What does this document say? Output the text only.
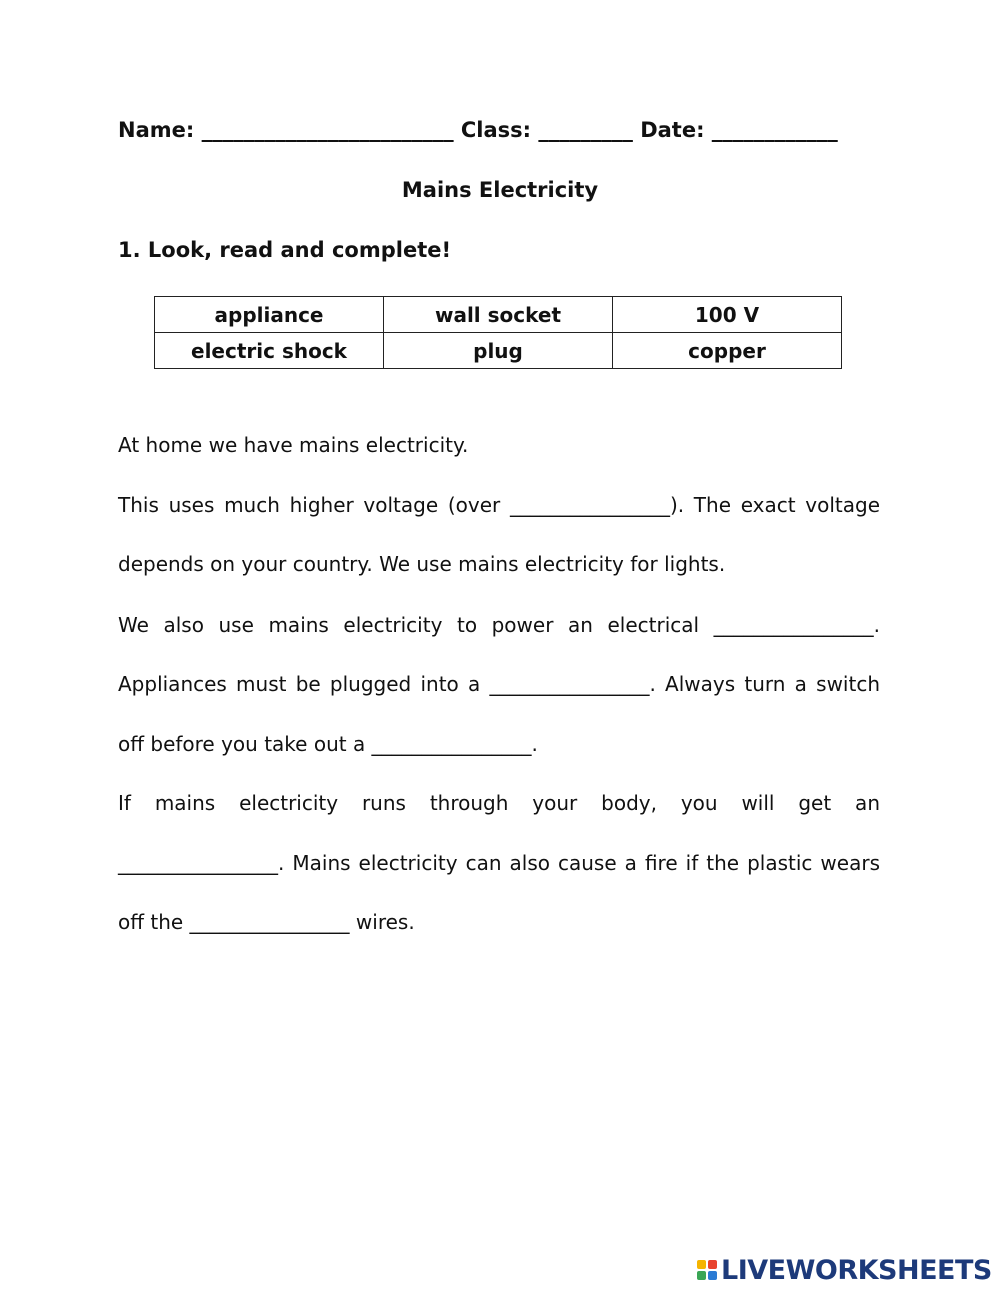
Name: ________________________ Class: _________ Date: ____________
Mains Electricity
1. Look, read and complete!
appliance	wall socket	100 V
electric shock	plug	copper
At home we have mains electricity.
This uses much higher voltage (over ________________). The exact voltage
depends on your country. We use mains electricity for lights.
We also use mains electricity to power an electrical ________________.
Appliances must be plugged into a ________________. Always turn a switch
off before you take out a ________________.
If mains electricity runs through your body, you will get an
________________. Mains electricity can also cause a fire if the plastic wears
off the ________________ wires.
LIVEWORKSHEETS
